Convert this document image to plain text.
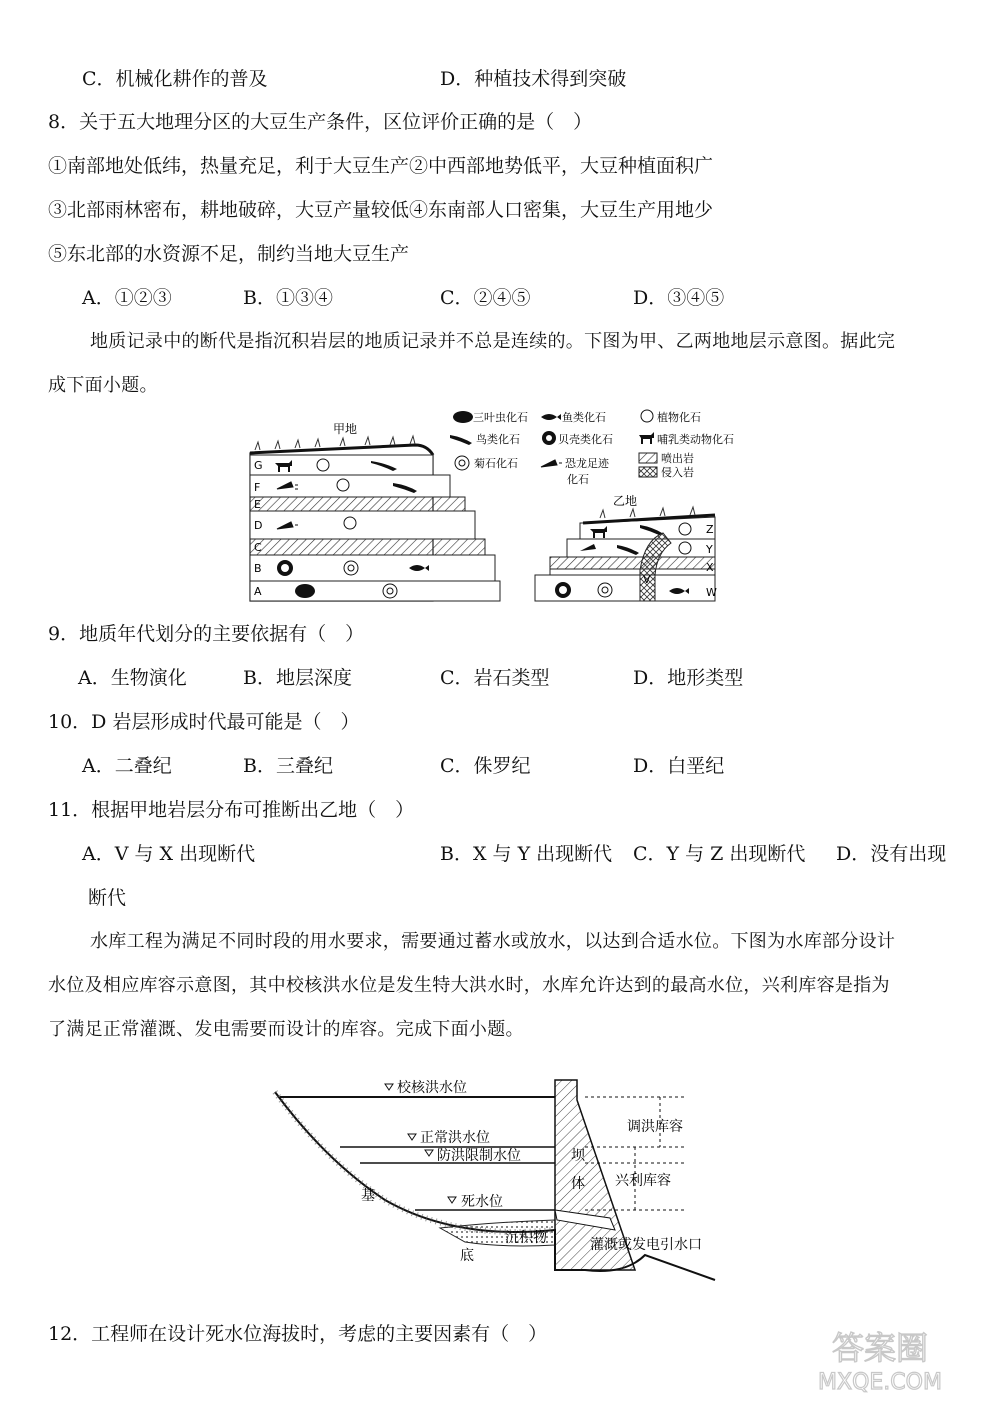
C．机械化耕作的普及	D．种植技术得到突破
8．关于五大地理分区的大豆生产条件，区位评价正确的是（　）
①南部地处低纬，热量充足，利于大豆生产②中西部地势低平，大豆种植面积广
③北部雨林密布，耕地破碎，大豆产量较低④东南部人口密集，大豆生产用地少
⑤东北部的水资源不足，制约当地大豆生产
A．①②③	B．①③④	C．②④⑤	D．③④⑤
地质记录中的断代是指沉积岩层的地质记录并不总是连续的。下图为甲、乙两地地层示意图。据此完
成下面小题。
甲地
G
F
E
D
C
B
A
三叶虫化石	鱼类化石	植物化石
鸟类化石	贝壳类化石	哺乳类动物化石
菊石化石	恐龙足迹
化石
喷出岩
侵入岩
乙地
Z
Y
X
W
V
9．地质年代划分的主要依据有（　）
A．生物演化	B．地层深度	C．岩石类型	D．地形类型
10．D 岩层形成时代最可能是（　）
A．二叠纪	B．三叠纪	C．侏罗纪	D．白垩纪
11．根据甲地岩层分布可推断出乙地（　）
A．V 与 X 出现断代	B．X 与 Y 出现断代 C．Y 与 Z 出现断代 D．没有出现
断代
水库工程为满足不同时段的用水要求，需要通过蓄水或放水，以达到合适水位。下图为水库部分设计
水位及相应库容示意图，其中校核洪水位是发生特大洪水时，水库允许达到的最高水位，兴利库容是指为
了满足正常灌溉、发电需要而设计的库容。完成下面小题。
校核洪水位
正常洪水位
防洪限制水位
死水位
基
底
沉积物
坝
体
调洪库容
兴利库容
灌溉或发电引水口
12．工程师在设计死水位海拔时，考虑的主要因素有（　）	答案圈
MXQE.COM
